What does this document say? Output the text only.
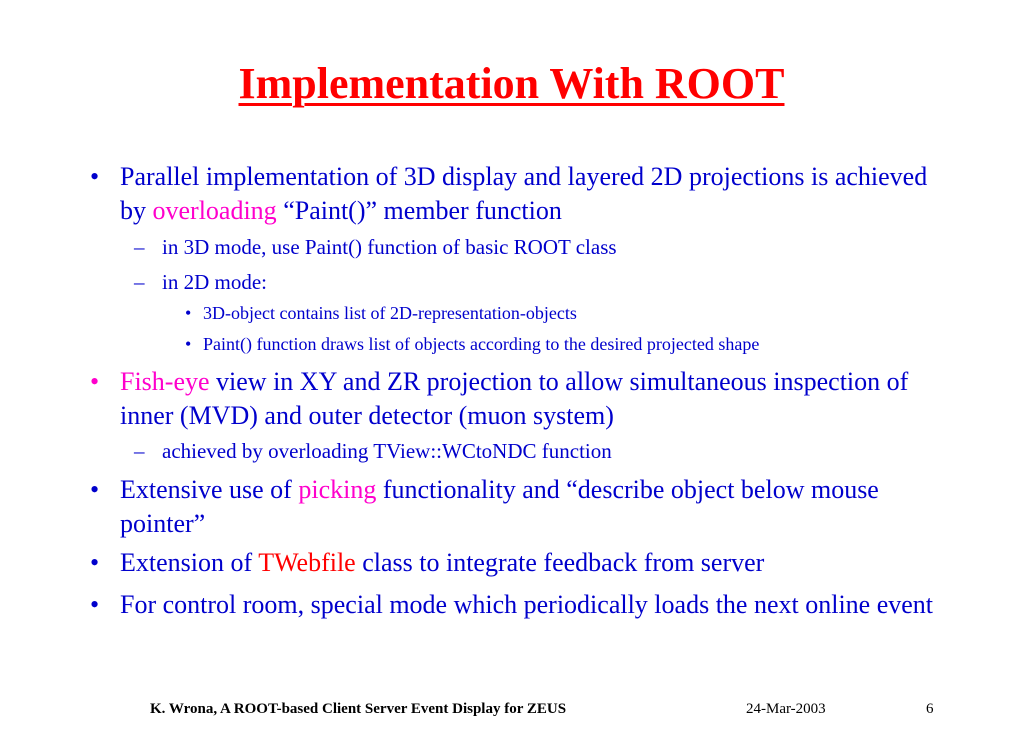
Implementation With ROOT
• Parallel implementation of 3D display and layered 2D projections is achieved by overloading “Paint()” member function
– in 3D mode, use Paint() function of basic ROOT class
– in 2D mode:
• 3D-object contains list of 2D-representation-objects
• Paint() function draws list of objects according to the desired projected shape
• Fish-eye view in XY and ZR projection to allow simultaneous inspection of inner (MVD) and outer detector (muon system)
– achieved by overloading TView::WCtoNDC function
• Extensive use of picking functionality and “describe object below mouse pointer”
• Extension of TWebfile class to integrate feedback from server
• For control room, special mode which periodically loads the next online event
K. Wrona, A ROOT-based Client Server Event Display for ZEUS	24-Mar-2003	6
